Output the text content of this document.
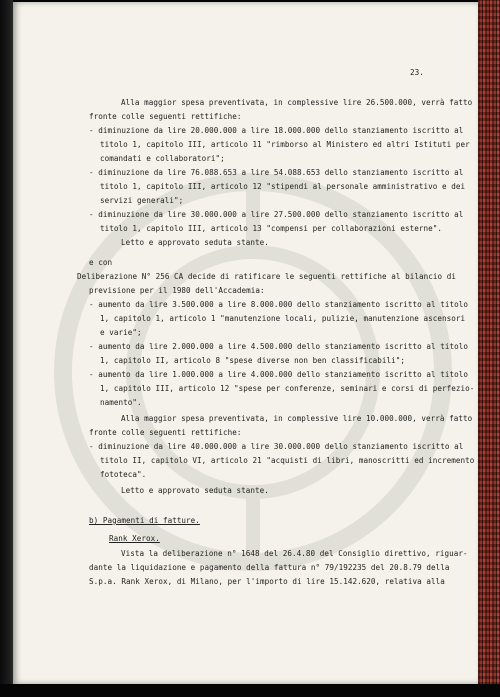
23.
Alla maggior spesa preventivata, in complessive lire 26.500.000, verrà fatto
fronte colle seguenti rettifiche:
- diminuzione da lire 20.000.000 a lire 18.000.000 dello stanziamento iscritto al
titolo 1, capitolo III, articolo 11 "rimborso al Ministero ed altri Istituti per
comandati e collaboratori";
- diminuzione da lire 76.088.653 a lire 54.088.653 dello stanziamento iscritto al
titolo 1, capitolo III, articolo 12 "stipendi al personale amministrativo e dei
servizi generali";
- diminuzione da lire 30.000.000 a lire 27.500.000 dello stanziamento iscritto al
titolo 1, capitolo III, articolo 13 "compensi per collaborazioni esterne".
Letto e approvato seduta stante.
e con
Deliberazione N° 256 CA decide di ratificare le seguenti rettifiche al bilancio di
previsione per il 1980 dell'Accademia:
- aumento da lire 3.500.000 a lire 8.000.000 dello stanziamento iscritto al titolo
1, capitolo 1, articolo 1 "manutenzione locali, pulizie, manutenzione ascensori
e varie";
- aumento da lire 2.000.000 a lire 4.500.000 dello stanziamento iscritto al titolo
1, capitolo II, articolo 8 "spese diverse non ben classificabili";
- aumento da lire 1.000.000 a lire 4.000.000 dello stanziamento iscritto al titolo
1, capitolo III, articolo 12 "spese per conferenze, seminari e corsi di perfezio-
namento".
Alla maggior spesa preventivata, in complessive lire 10.000.000, verrà fatto
fronte colle seguenti rettifiche:
- diminuzione da lire 40.000.000 a lire 30.000.000 dello stanziamento iscritto al
titolo II, capitolo VI, articolo 21 "acquisti di libri, manoscritti ed incremento
fototeca".
Letto e approvato seduta stante.
b) Pagamenti di fatture.
Rank Xerox.
Vista la deliberazione n° 1648 del 26.4.80 del Consiglio direttivo, riguar-
dante la liquidazione e pagamento della fattura n° 79/192235 del 20.8.79 della
S.p.a. Rank Xerox, di Milano, per l'importo di lire 15.142.620, relativa alla
